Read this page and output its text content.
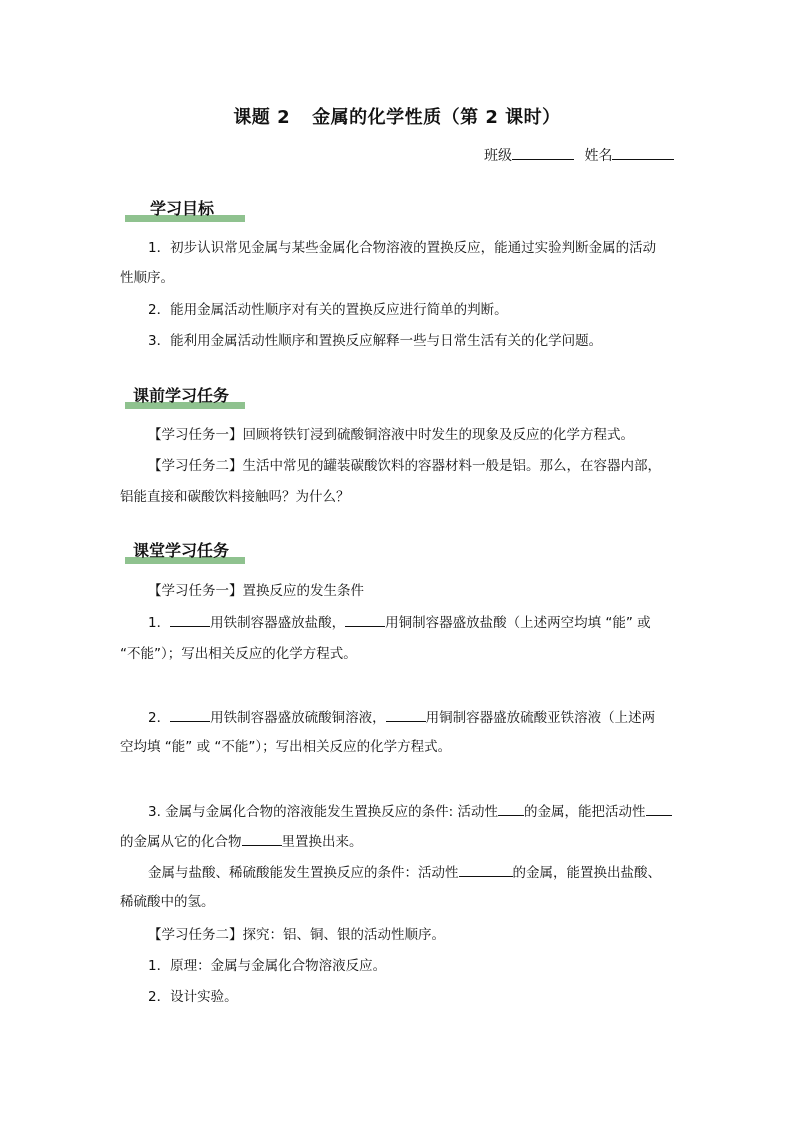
课题 2 金属的化学性质（第 2 课时）
班级	姓名
学习目标
1．初步认识常见金属与某些金属化合物溶液的置换反应，能通过实验判断金属的活动
性顺序。
2．能用金属活动性顺序对有关的置换反应进行简单的判断。
3．能利用金属活动性顺序和置换反应解释一些与日常生活有关的化学问题。
课前学习任务
【学习任务一】回顾将铁钉浸到硫酸铜溶液中时发生的现象及反应的化学方程式。
【学习任务二】生活中常见的罐装碳酸饮料的容器材料一般是铝。那么，在容器内部，
铝能直接和碳酸饮料接触吗？为什么？
课堂学习任务
【学习任务一】置换反应的发生条件
1．	用铁制容器盛放盐酸，	用铜制容器盛放盐酸（上述两空均填 “能” 或
“不能”）；写出相关反应的化学方程式。
2．	用铁制容器盛放硫酸铜溶液，	用铜制容器盛放硫酸亚铁溶液（上述两
空均填 “能” 或 “不能”）；写出相关反应的化学方程式。
3. 金属与金属化合物的溶液能发生置换反应的条件: 活动性 的金属，能把活动性
的金属从它的化合物	里置换出来。
金属与盐酸、稀硫酸能发生置换反应的条件：活动性	的金属，能置换出盐酸、
稀硫酸中的氢。
【学习任务二】探究：铝、铜、银的活动性顺序。
1．原理：金属与金属化合物溶液反应。
2．设计实验。
